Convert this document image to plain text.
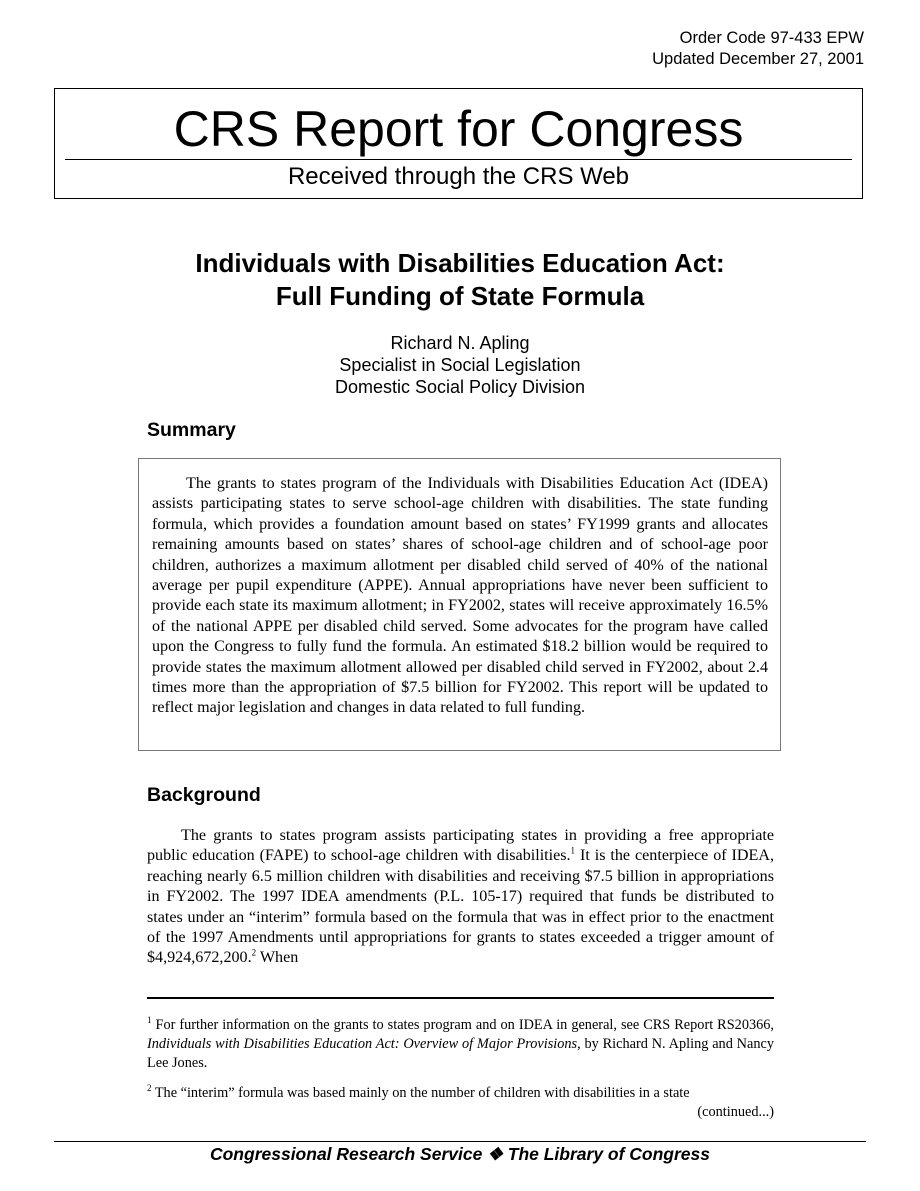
Order Code 97-433 EPW
Updated December 27, 2001
CRS Report for Congress
Received through the CRS Web
Individuals with Disabilities Education Act:
Full Funding of State Formula
Richard N. Apling
Specialist in Social Legislation
Domestic Social Policy Division
Summary

The grants to states program of the Individuals with Disabilities Education Act (IDEA) assists participating states to serve school-age children with disabilities. The state funding formula, which provides a foundation amount based on states’ FY1999 grants and allocates remaining amounts based on states’ shares of school-age children and of school-age poor children, authorizes a maximum allotment per disabled child served of 40% of the national average per pupil expenditure (APPE). Annual appropriations have never been sufficient to provide each state its maximum allotment; in FY2002, states will receive approximately 16.5% of the national APPE per disabled child served. Some advocates for the program have called upon the Congress to fully fund the formula. An estimated $18.2 billion would be required to provide states the maximum allotment allowed per disabled child served in FY2002, about 2.4 times more than the appropriation of $7.5 billion for FY2002. This report will be updated to reflect major legislation and changes in data related to full funding.

Background

The grants to states program assists participating states in providing a free appropriate public education (FAPE) to school-age children with disabilities.$^1$ It is the centerpiece of IDEA, reaching nearly 6.5 million children with disabilities and receiving $7.5 billion in appropriations in FY2002. The 1997 IDEA amendments (P.L. 105-17) required that funds be distributed to states under an “interim” formula based on the formula that was in effect prior to the enactment of the 1997 Amendments until appropriations for grants to states exceeded a trigger amount of $4,924,672,200.$^2$ When

$^1$ For further information on the grants to states program and on IDEA in general, see CRS Report RS20366, Individuals with Disabilities Education Act: Overview of Major Provisions, by Richard N. Apling and Nancy Lee Jones.

$^2$ The “interim” formula was based mainly on the number of children with disabilities in a state
(continued...)

Congressional Research Service ❖ The Library of Congress
